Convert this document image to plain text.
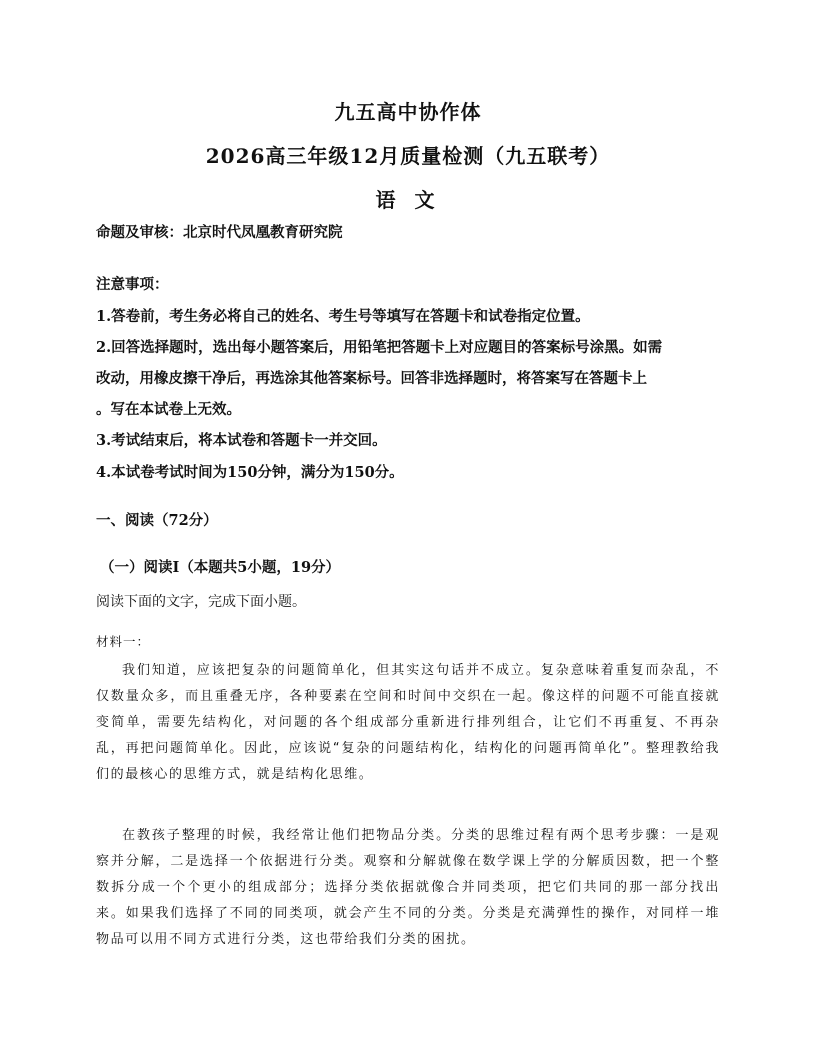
九五高中协作体
2026高三年级12月质量检测（九五联考）
语 文
命题及审核：北京时代凤凰教育研究院
注意事项：
1.答卷前，考生务必将自己的姓名、考生号等填写在答题卡和试卷指定位置。
2.回答选择题时，选出每小题答案后，用铅笔把答题卡上对应题目的答案标号涂黑。如需
改动，用橡皮擦干净后，再选涂其他答案标号。回答非选择题时，将答案写在答题卡上
。写在本试卷上无效。
3.考试结束后，将本试卷和答题卡一并交回。
4.本试卷考试时间为150分钟，满分为150分。
一、阅读（72分）
（一）阅读Ⅰ（本题共5小题，19分）
阅读下面的文字，完成下面小题。
材料一：

我们知道，应该把复杂的问题简单化，但其实这句话并不成立。复杂意味着重复而杂乱，不仅数量众多，而且重叠无序，各种要素在空间和时间中交织在一起。像这样的问题不可能直接就变简单，需要先结构化，对问题的各个组成部分重新进行排列组合，让它们不再重复、不再杂乱，再把问题简单化。因此，应该说“复杂的问题结构化，结构化的问题再简单化”。整理教给我们的最核心的思维方式，就是结构化思维。

在教孩子整理的时候，我经常让他们把物品分类。分类的思维过程有两个思考步骤：一是观察并分解，二是选择一个依据进行分类。观察和分解就像在数学课上学的分解质因数，把一个整数拆分成一个个更小的组成部分；选择分类依据就像合并同类项，把它们共同的那一部分找出来。如果我们选择了不同的同类项，就会产生不同的分类。分类是充满弹性的操作，对同样一堆物品可以用不同方式进行分类，这也带给我们分类的困扰。
